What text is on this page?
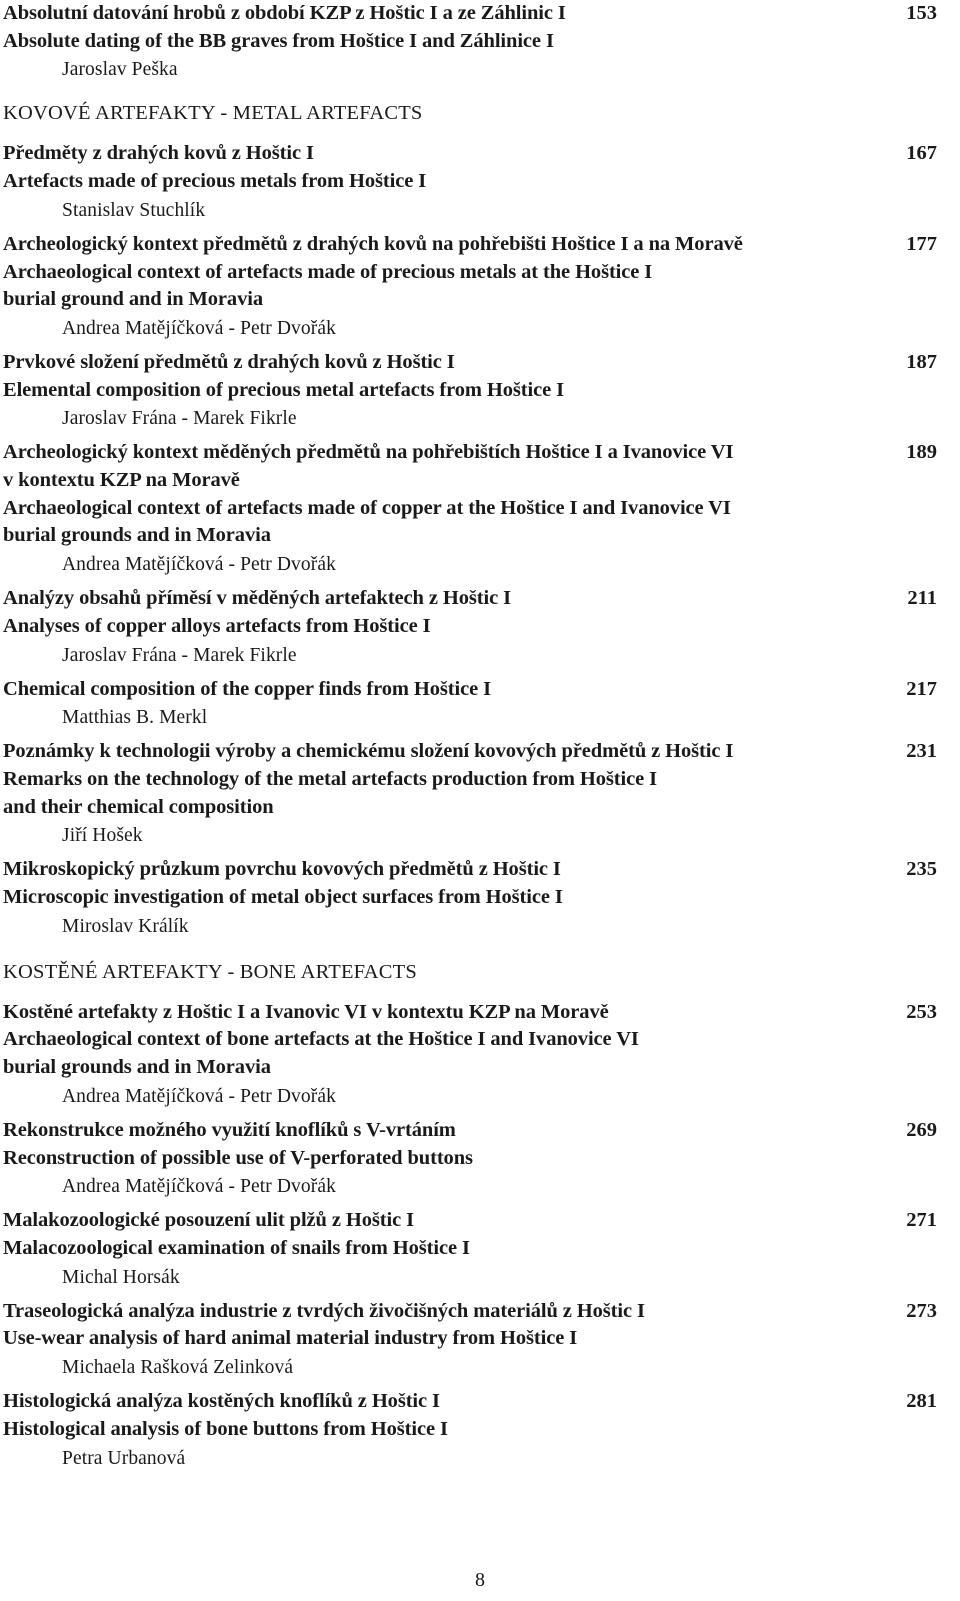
Absolutní datování hrobů z období KZP z Hoštic I a ze Záhlinic I
Absolute dating of the BB graves from Hoštice I and Záhlinice I
153
Jaroslav Peška
KOVOVÉ ARTEFAKTY - METAL ARTEFACTS
Předměty z drahých kovů z Hoštic I
Artefacts made of precious metals from Hoštice I
167
Stanislav Stuchlík
Archeologický kontext předmětů z drahých kovů na pohřebišti Hoštice I a na Moravě
Archaeological context of artefacts made of precious metals at the Hoštice I
burial ground and in Moravia
177
Andrea Matějíčková - Petr Dvořák
Prvkové složení předmětů z drahých kovů z Hoštic I
Elemental composition of precious metal artefacts from Hoštice I
187
Jaroslav Frána - Marek Fikrle
Archeologický kontext měděných předmětů na pohřebištích Hoštice I a Ivanovice VI
v kontextu KZP na Moravě
Archaeological context of artefacts made of copper at the Hoštice I and Ivanovice VI
burial grounds and in Moravia
189
Andrea Matějíčková - Petr Dvořák
Analýzy obsahů příměsí v měděných artefaktech z Hoštic I
Analyses of copper alloys artefacts from Hoštice I
211
Jaroslav Frána - Marek Fikrle
Chemical composition of the copper finds from Hoštice I	217
Matthias B. Merkl
Poznámky k technologii výroby a chemickému složení kovových předmětů z Hoštic I
Remarks on the technology of the metal artefacts production from Hoštice I
and their chemical composition
231
Jiří Hošek
Mikroskopický průzkum povrchu kovových předmětů z Hoštic I
Microscopic investigation of metal object surfaces from Hoštice I
235
Miroslav Králík
KOSTĚNÉ ARTEFAKTY - BONE ARTEFACTS
Kostěné artefakty z Hoštic I a Ivanovic VI v kontextu KZP na Moravě
Archaeological context of bone artefacts at the Hoštice I and Ivanovice VI
burial grounds and in Moravia
253
Andrea Matějíčková - Petr Dvořák
Rekonstrukce možného využití knoflíků s V-vrtáním
Reconstruction of possible use of V-perforated buttons
269
Andrea Matějíčková - Petr Dvořák
Malakozoologické posouzení ulit plžů z Hoštic I
Malacozoological examination of snails from Hoštice I
271
Michal Horsák
Traseologická analýza industrie z tvrdých živočišných materiálů z Hoštic I
Use-wear analysis of hard animal material industry from Hoštice I
273
Michaela Rašková Zelinková
Histologická analýza kostěných knoflíků z Hoštic I
Histological analysis of bone buttons from Hoštice I
281
Petra Urbanová
8
